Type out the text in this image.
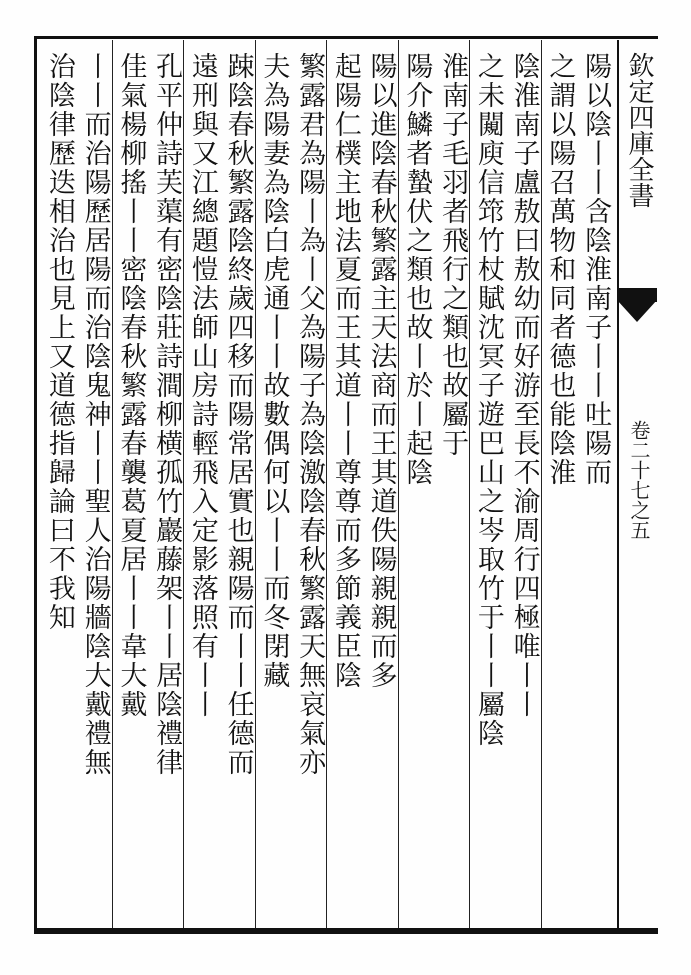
欽定四庫全書
卷二十七之五
陽以陰丨丨含陰淮南子丨丨吐陽而
之謂以陽召萬物和同者德也能陰淮
陰淮南子盧敖曰敖幼而好游至長不渝周行四極唯丨丨
之未闚庾信筇竹杖賦沈冥子遊巴山之岑取竹于丨丨屬陰
淮南子毛羽者飛行之類也故屬于
陽介鱗者蟄伏之類也故丨於丨起陰
陽以進陰春秋繁露主天法商而王其道佚陽親親而多
起陽仁樸主地法夏而王其道丨丨尊尊而多節義臣陰
繁露君為陽丨為丨父為陽子為陰激陰春秋繁露天無哀氣亦
夫為陽妻為陰白虎通丨丨故數偶何以丨丨而冬閉藏
踈陰春秋繁露陰終歲四移而陽常居實也親陽而丨丨任德而
遠刑與又江總題愷法師山房詩輕飛入定影落照有丨丨
孔平仲詩芙蕖有密陰莊詩澗柳横孤竹巖藤架丨丨居陰禮律
佳氣楊柳搖丨丨密陰春秋繁露春襲葛夏居丨丨韋大戴
丨丨而治陽歷居陽而治陰鬼神丨丨聖人治陽牆陰大戴禮無
治陰律歷迭相治也見上又道德指歸論曰不我知
